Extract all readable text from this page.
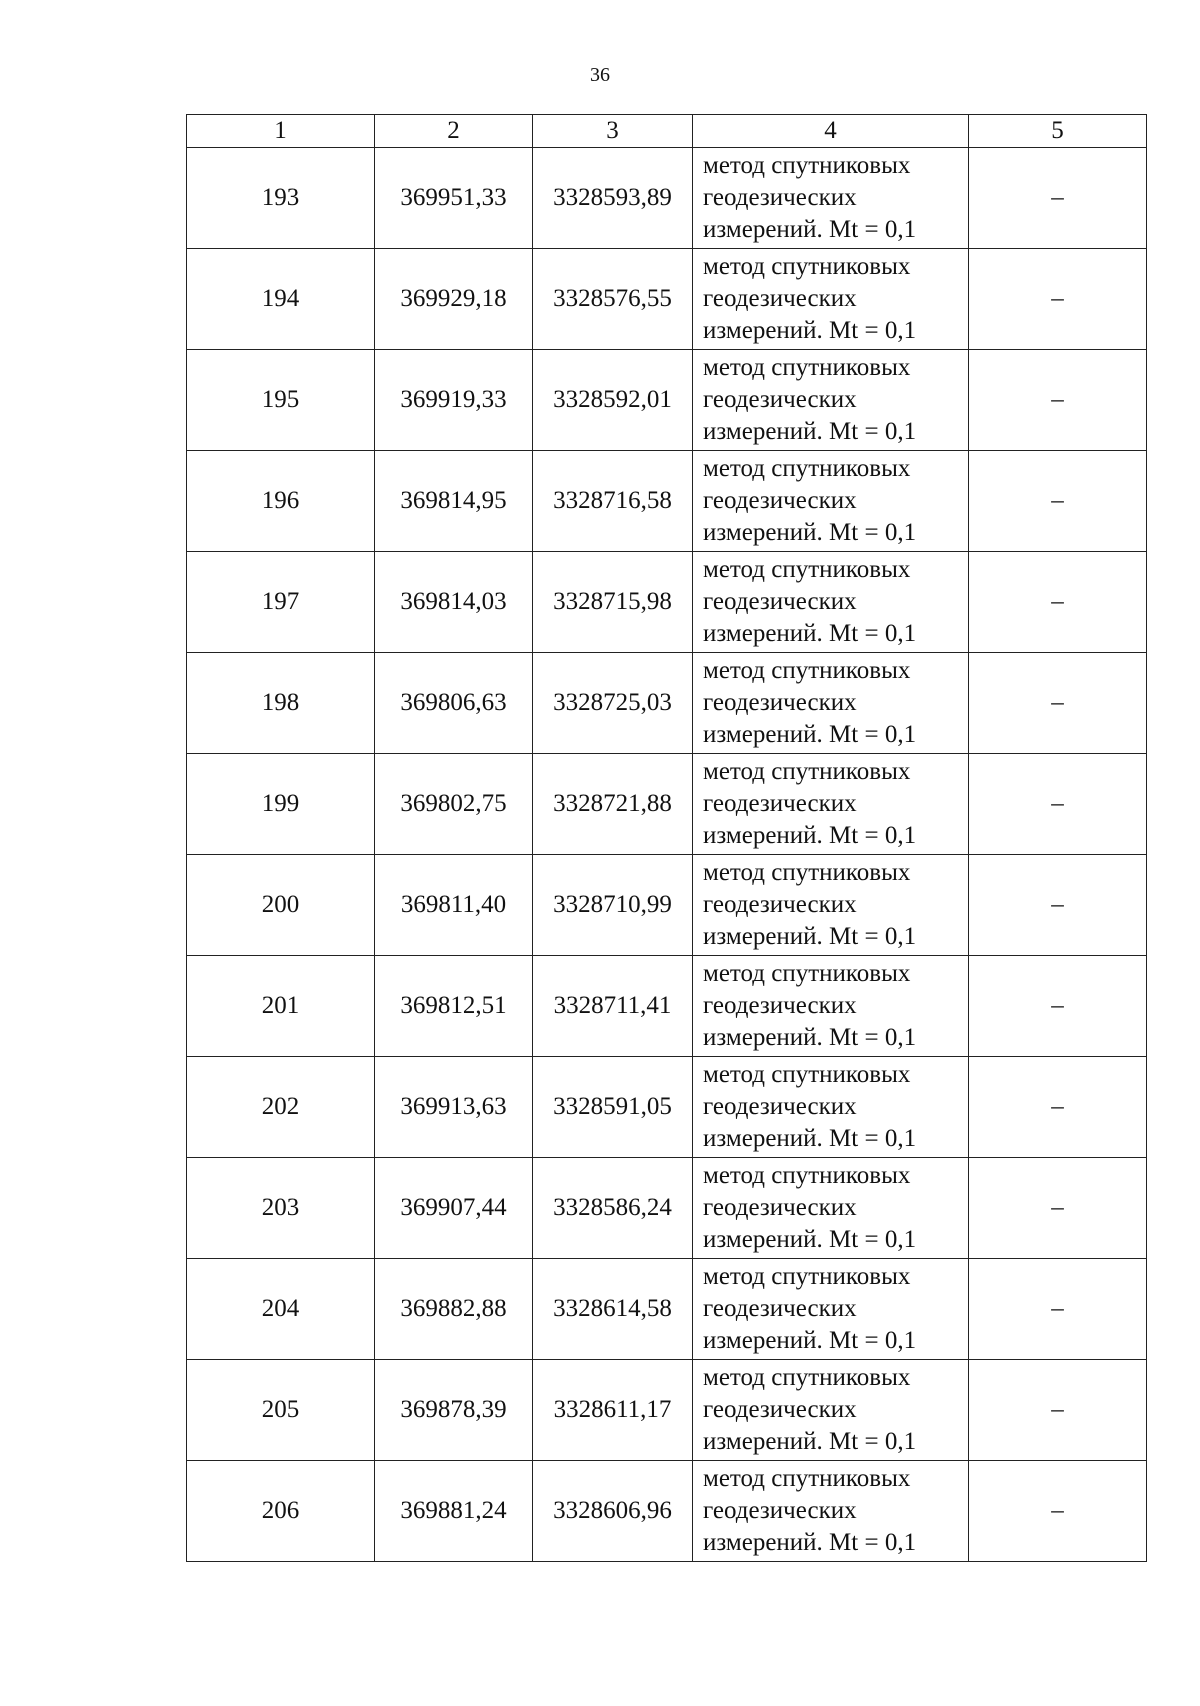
36
1	2	3	4	5
193	369951,33	3328593,89	метод спутниковых
геодезических
измерений. Mt = 0,1	–
194	369929,18	3328576,55	метод спутниковых
геодезических
измерений. Mt = 0,1	–
195	369919,33	3328592,01	метод спутниковых
геодезических
измерений. Mt = 0,1	–
196	369814,95	3328716,58	метод спутниковых
геодезических
измерений. Mt = 0,1	–
197	369814,03	3328715,98	метод спутниковых
геодезических
измерений. Mt = 0,1	–
198	369806,63	3328725,03	метод спутниковых
геодезических
измерений. Mt = 0,1	–
199	369802,75	3328721,88	метод спутниковых
геодезических
измерений. Mt = 0,1	–
200	369811,40	3328710,99	метод спутниковых
геодезических
измерений. Mt = 0,1	–
201	369812,51	3328711,41	метод спутниковых
геодезических
измерений. Mt = 0,1	–
202	369913,63	3328591,05	метод спутниковых
геодезических
измерений. Mt = 0,1	–
203	369907,44	3328586,24	метод спутниковых
геодезических
измерений. Mt = 0,1	–
204	369882,88	3328614,58	метод спутниковых
геодезических
измерений. Mt = 0,1	–
205	369878,39	3328611,17	метод спутниковых
геодезических
измерений. Mt = 0,1	–
206	369881,24	3328606,96	метод спутниковых
геодезических
измерений. Mt = 0,1	–
